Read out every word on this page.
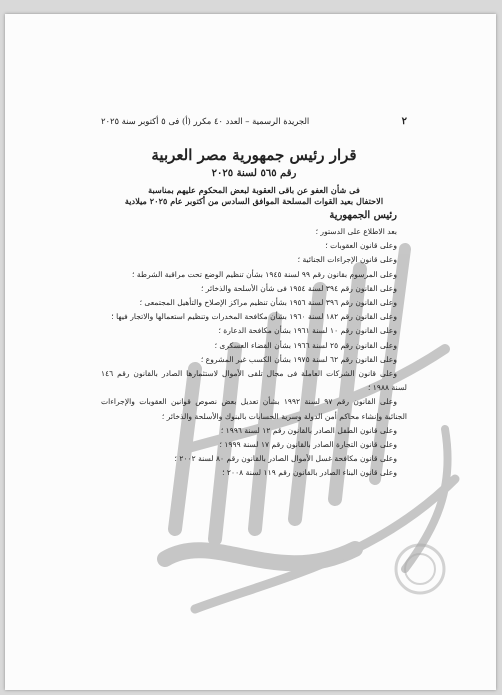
٢
الجريدة الرسمية – العدد ٤٠ مكرر (أ) فى ٥ أكتوبر سنة ٢٠٢٥
قرار رئيس جمهورية مصر العربية
رقم ٥٦٥ لسنة ٢٠٢٥
فى شأن العفو عن باقى العقوبة لبعض المحكوم عليهم بمناسبة
الاحتفال بعيد القوات المسلحة الموافق السادس من أكتوبر عام ٢٠٢٥ ميلادية
رئيس الجمهورية
بعد الاطلاع على الدستور ؛
وعلى قانون العقوبات ؛
وعلى قانون الإجراءات الجنائية ؛
وعلى المرسوم بقانون رقم ٩٩ لسنة ١٩٤٥ بشأن تنظيم الوضع تحت مراقبة الشرطة ؛
وعلى القانون رقم ٣٩٤ لسنة ١٩٥٤ فى شأن الأسلحة والذخائر ؛
وعلى القانون رقم ٣٩٦ لسنة ١٩٥٦ بشأن تنظيم مراكز الإصلاح والتأهيل المجتمعى ؛
وعلى القانون رقم ١٨٢ لسنة ١٩٦٠ بشأن مكافحة المخدرات وتنظيم استعمالها والاتجار فيها ؛
وعلى القانون رقم ١٠ لسنة ١٩٦١ بشأن مكافحة الدعارة ؛
وعلى القانون رقم ٢٥ لسنة ١٩٦٦ بشأن القضاء العسكرى ؛
وعلى القانون رقم ٦٢ لسنة ١٩٧٥ بشأن الكسب غير المشروع ؛
وعلى قانون الشركات العاملة فى مجال تلقى الأموال لاستثمارها الصادر بالقانون رقم ١٤٦ لسنة ١٩٨٨ ؛
وعلى القانون رقم ٩٧ لسنة ١٩٩٢ بشأن تعديل بعض نصوص قوانين العقوبات والإجراءات الجنائية وإنشاء محاكم أمن الدولة وسرية الحسابات بالبنوك والأسلحة والذخائر ؛
وعلى قانون الطفل الصادر بالقانون رقم ١٢ لسنة ١٩٩٦ ؛
وعلى قانون التجارة الصادر بالقانون رقم ١٧ لسنة ١٩٩٩ ؛
وعلى قانون مكافحة غسل الأموال الصادر بالقانون رقم ٨٠ لسنة ٢٠٠٢ ؛
وعلى قانون البناء الصادر بالقانون رقم ١١٩ لسنة ٢٠٠٨ ؛
